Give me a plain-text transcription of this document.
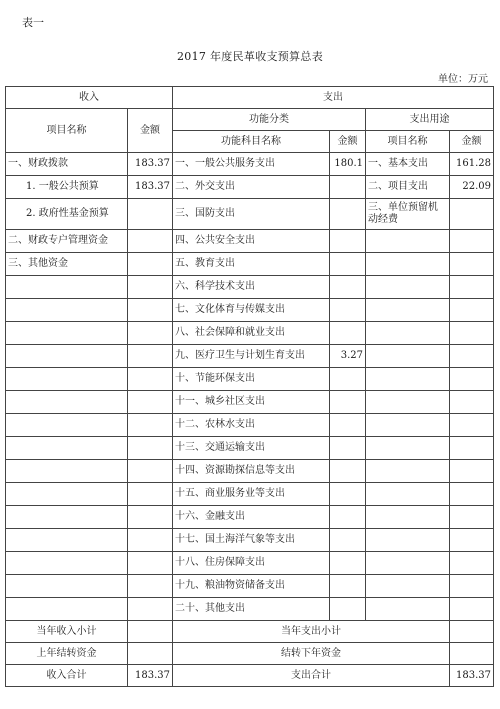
表一
2017 年度民革收支预算总表
单位：万元
收入		支出			
项目名称	金额	功能分类		支出用途	
		功能科目名称	金额	项目名称	金额
一、财政拨款	183.37	一、一般公共服务支出	180.1	一、基本支出	161.28
1. 一般公共预算	183.37	二、外交支出		二、项目支出	22.09
2. 政府性基金预算		三、国防支出		三、单位预留机动经费	
二、财政专户管理资金		四、公共安全支出			
三、其他资金		五、教育支出			
		六、科学技术支出			
		七、文化体育与传媒支出			
		八、社会保障和就业支出			
		九、医疗卫生与计划生育支出	3.27		
		十、节能环保支出			
		十一、城乡社区支出			
		十二、农林水支出			
		十三、交通运输支出			
		十四、资源勘探信息等支出			
		十五、商业服务业等支出			
		十六、金融支出			
		十七、国土海洋气象等支出			
		十八、住房保障支出			
		十九、粮油物资储备支出			
		二十、其他支出			
当年收入小计		当年支出小计			
上年结转资金		结转下年资金			
收入合计	183.37	支出合计			183.37
